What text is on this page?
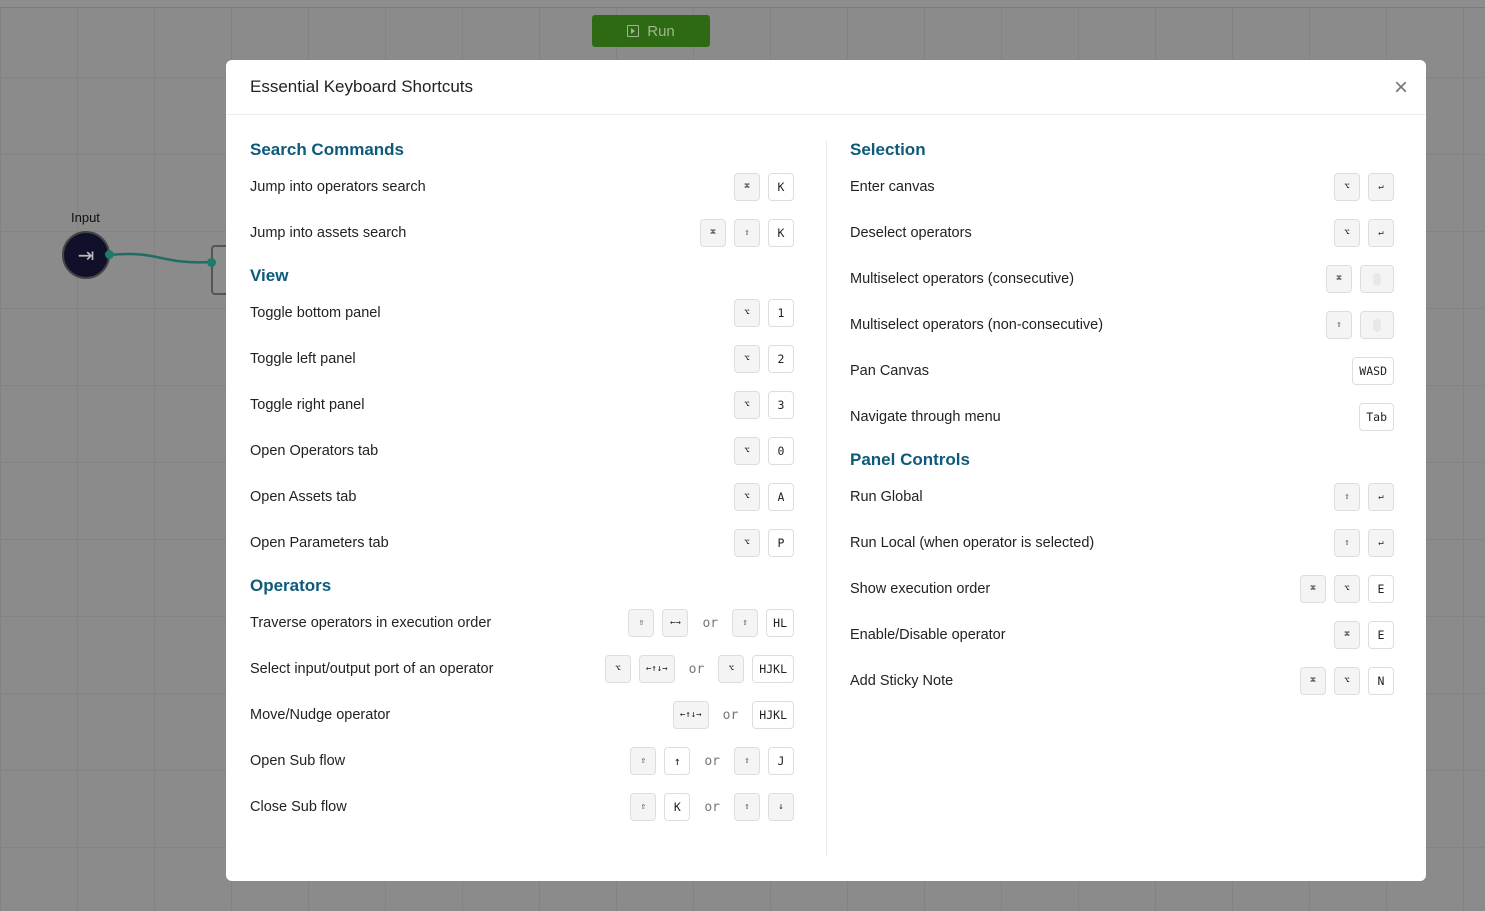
Run
Input
⇥
Essential Keyboard Shortcuts	×
Search Commands
Jump into operators search	⌘	K
Jump into assets search	⌘	⇧	K
View
Toggle bottom panel	⌥	1
Toggle left panel	⌥	2
Toggle right panel	⌥	3
Open Operators tab	⌥	0
Open Assets tab	⌥	A
Open Parameters tab	⌥	P
Operators
Traverse operators in execution order	⇧	←→	or	⇧	HL
Select input/output port of an operator	⌥	←↑↓→	or	⌥	HJKL
Move/Nudge operator	←↑↓→	or	HJKL
Open Sub flow	⇧	↑	or	⇧	J
Close Sub flow	⇧	K	or	⇧	↓
Selection
Enter canvas	⌥	↵
Deselect operators	⌥	↵
Multiselect operators (consecutive)	⌘
Multiselect operators (non-consecutive)	⇧
Pan Canvas	WASD
Navigate through menu	Tab
Panel Controls
Run Global	⇧	↵
Run Local (when operator is selected)	⇧	↵
Show execution order	⌘	⌥	E
Enable/Disable operator	⌘	E
Add Sticky Note	⌘	⌥	N
